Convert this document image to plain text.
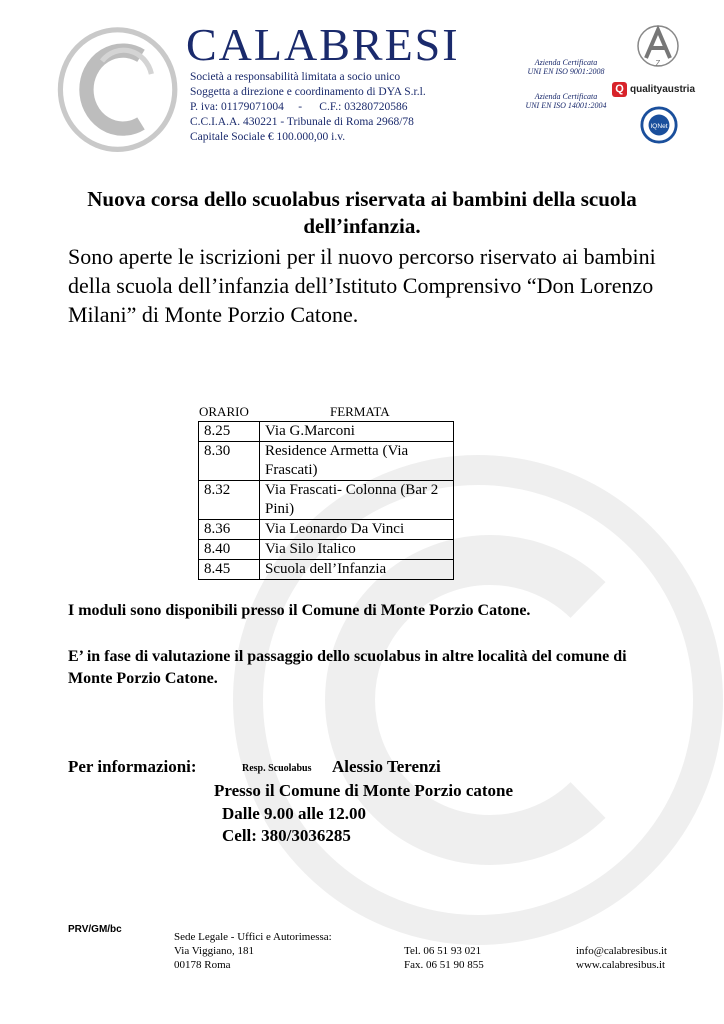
CALABRESI
Società a responsabilità limitata a socio unico
Soggetta a direzione e coordinamento di DYA S.r.l.
P. iva: 01179071004     -      C.F.: 03280720586
C.C.I.A.A. 430221 - Tribunale di Roma 2968/78
Capitale Sociale € 100.000,00 i.v.
Azienda Certificata
UNI EN ISO 9001:2008
Azienda Certificata
UNI EN ISO 14001:2004
Z
Q qualityaustria
IQNet
Nuova corsa dello scuolabus riservata ai bambini della scuola dell’infanzia.
Sono aperte le iscrizioni per il nuovo percorso riservato ai bambini della scuola dell’infanzia dell’Istituto Comprensivo “Don Lorenzo Milani” di Monte Porzio Catone.
ORARIO	FERMATA
8.25	Via G.Marconi
8.30	Residence Armetta (Via Frascati)
8.32	Via Frascati- Colonna (Bar 2 Pini)
8.36	Via Leonardo Da Vinci
8.40	Via Silo Italico
8.45	Scuola dell’Infanzia
I moduli sono disponibili presso il Comune di Monte Porzio Catone.
E’ in fase di valutazione il passaggio dello scuolabus in altre località del comune di Monte Porzio Catone.
Per informazioni:	Resp. Scuolabus Alessio Terenzi
Presso il Comune di Monte Porzio catone
Dalle 9.00 alle 12.00
Cell: 380/3036285
PRV/GM/bc
Sede Legale - Uffici e Autorimessa:
Via Viggiano, 181
00178 Roma
Tel. 06 51 93 021
Fax. 06 51 90 855
info@calabresibus.it
www.calabresibus.it
